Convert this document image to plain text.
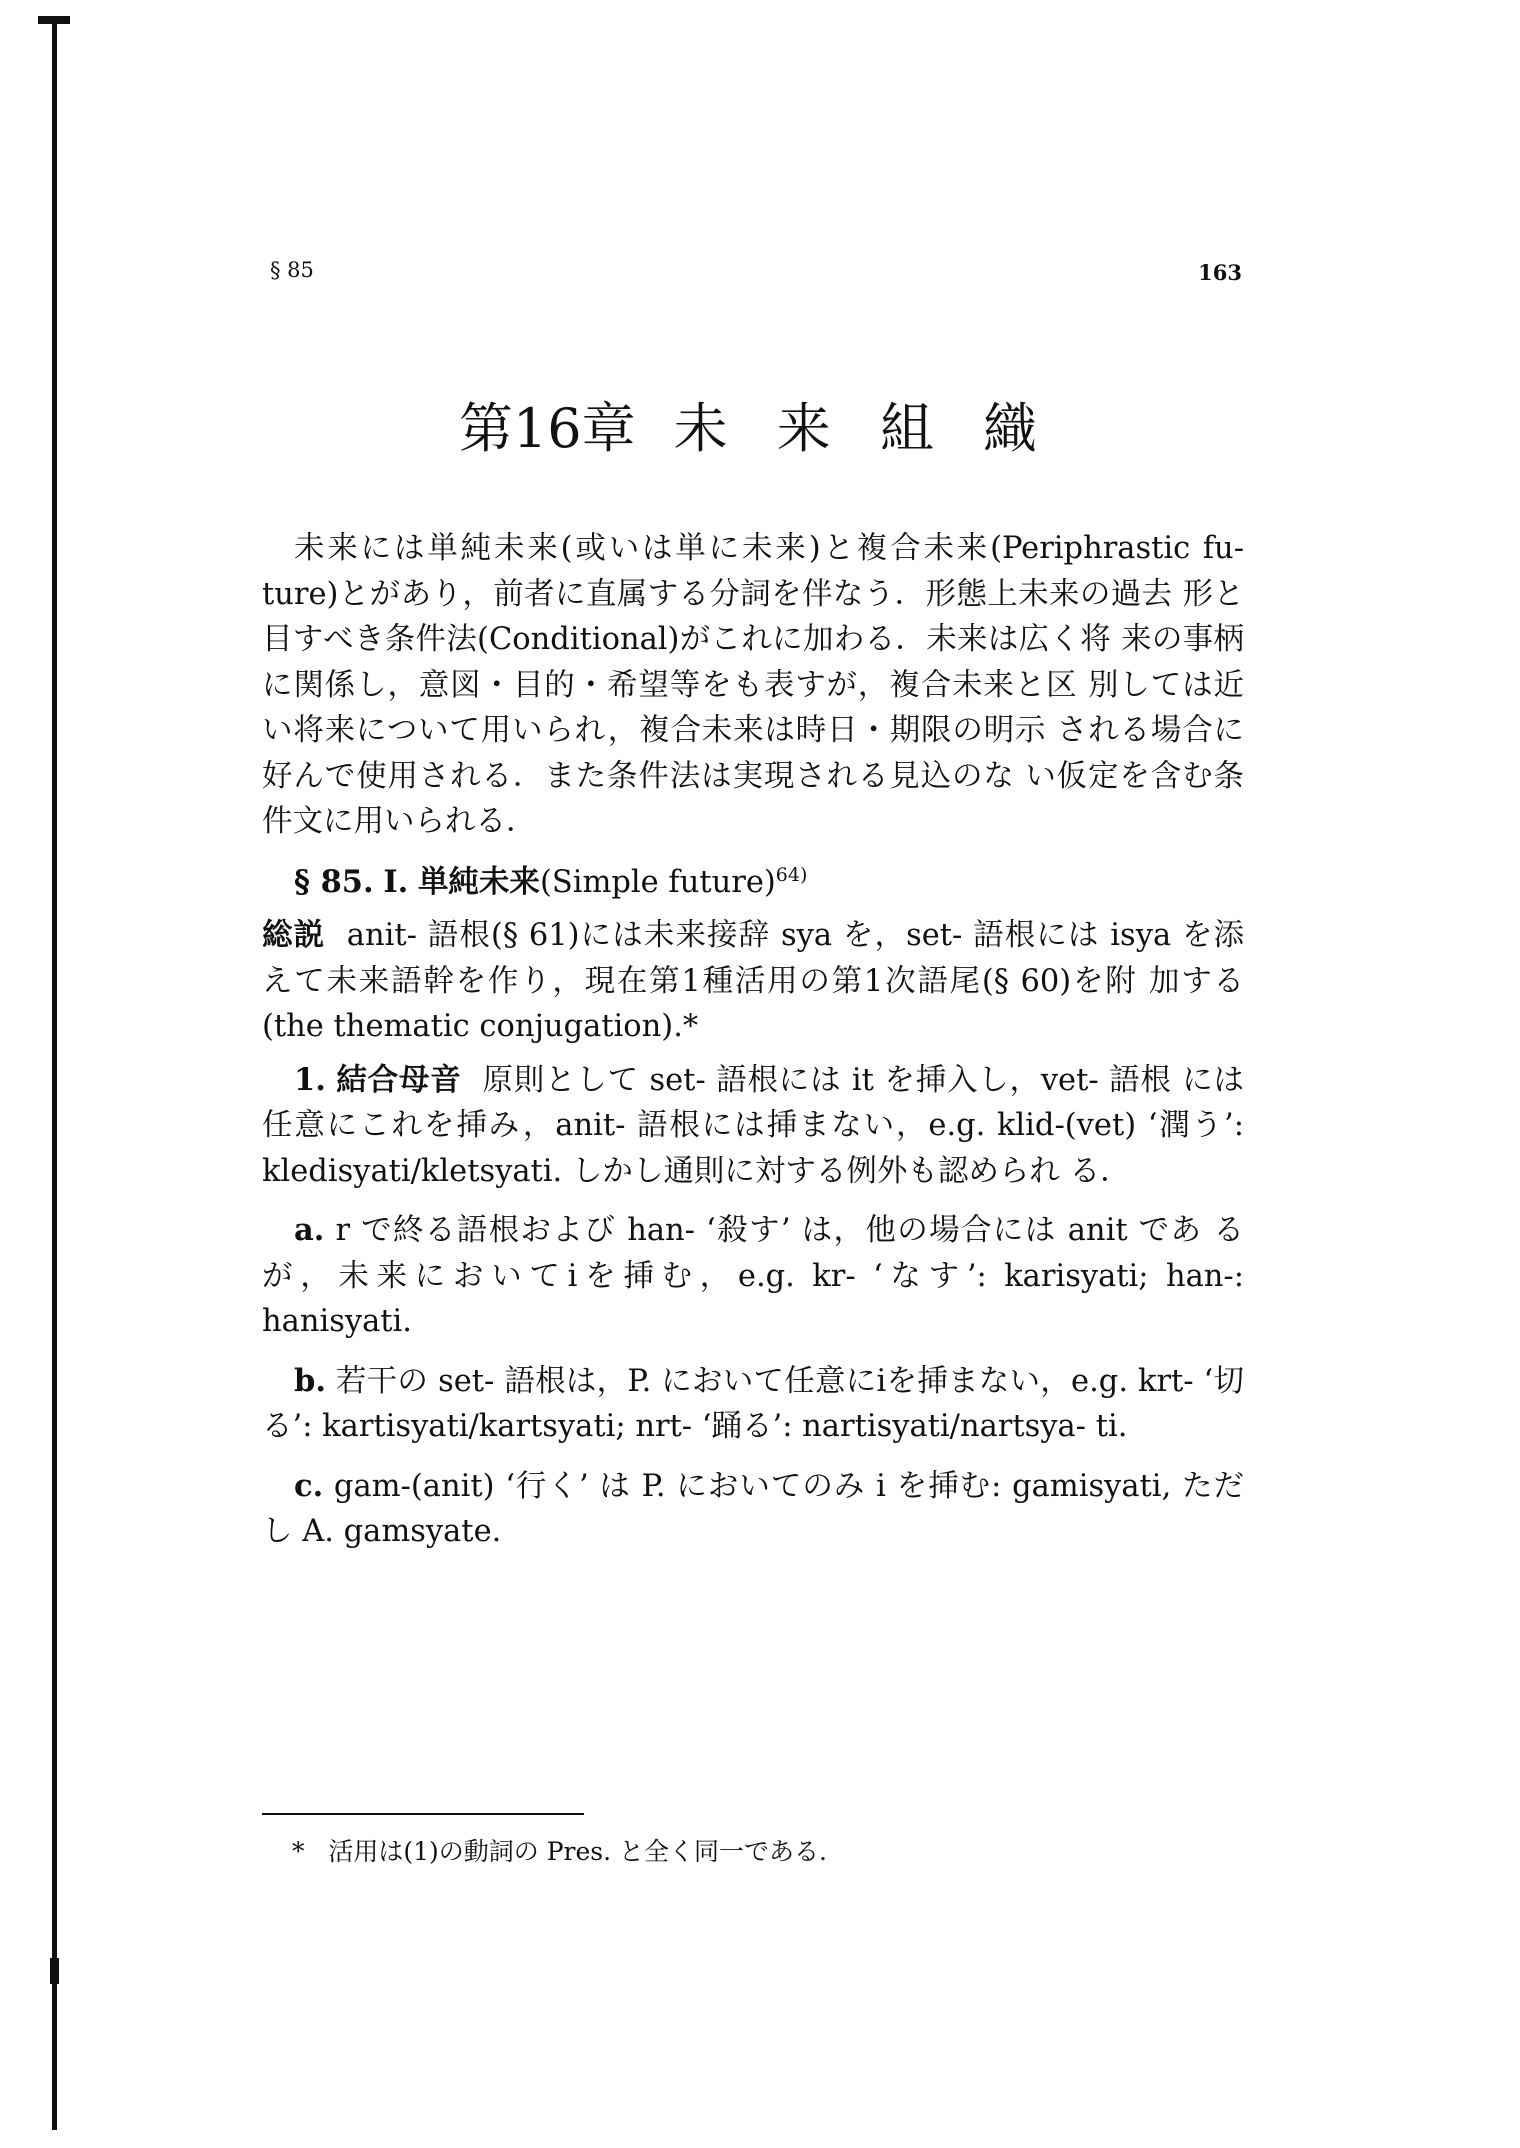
§ 85	163
第16章 未 来 組 織

未来には単純未来(或いは単に未来)と複合未来(Periphrastic fu- ture)とがあり，前者に直属する分詞を伴なう．形態上未来の過去 形と目すべき条件法(Conditional)がこれに加わる．未来は広く将 来の事柄に関係し，意図・目的・希望等をも表すが，複合未来と区 別しては近い将来について用いられ，複合未来は時日・期限の明示 される場合に好んで使用される．また条件法は実現される見込のな い仮定を含む条件文に用いられる．

§ 85. I. 単純未来(Simple future)$^{64)}$

総説 anit- 語根(§ 61)には未来接辞 sya を，set- 語根には isya を添えて未来語幹を作り，現在第1種活用の第1次語尾(§ 60)を附 加する (the thematic conjugation).*

1. 結合母音 原則として set- 語根には it を挿入し，vet- 語根 には任意にこれを挿み，anit- 語根には挿まない，e.g. klid-(vet) ‘潤う’: kledisyati/kletsyati. しかし通則に対する例外も認められ る．

a. r で終る語根および han- ‘殺す’ は，他の場合には anit であ るが，未来においてiを挿む，e.g. kr- ‘なす’: karisyati; han-: hanisyati.

b. 若干の set- 語根は，P. において任意にiを挿まない，e.g. krt- ‘切る’: kartisyati/kartsyati; nrt- ‘踊る’: nartisyati/nartsya- ti.

c. gam-(anit) ‘行く’ は P. においてのみ i を挿む: gamisyati, ただし A. gamsyate.

* 活用は(1)の動詞の Pres. と全く同一である.
